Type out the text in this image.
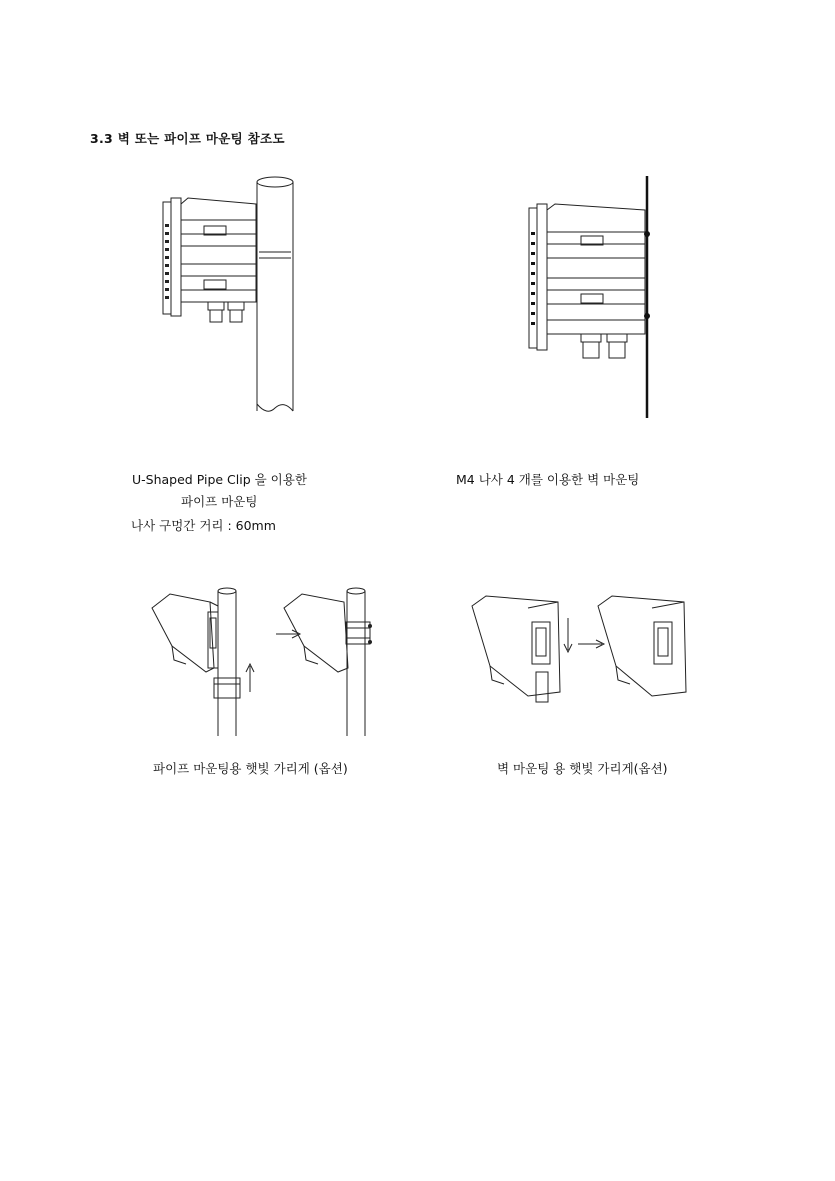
3.3 벽 또는 파이프 마운팅 참조도
U-Shaped Pipe Clip 을 이용한
파이프 마운팅
나사 구멍간 거리 : 60mm
M4 나사 4 개를 이용한 벽 마운팅
파이프 마운팅용 햇빛 가리게 (옵션)	벽 마운팅 용 햇빛 가리게(옵션)
